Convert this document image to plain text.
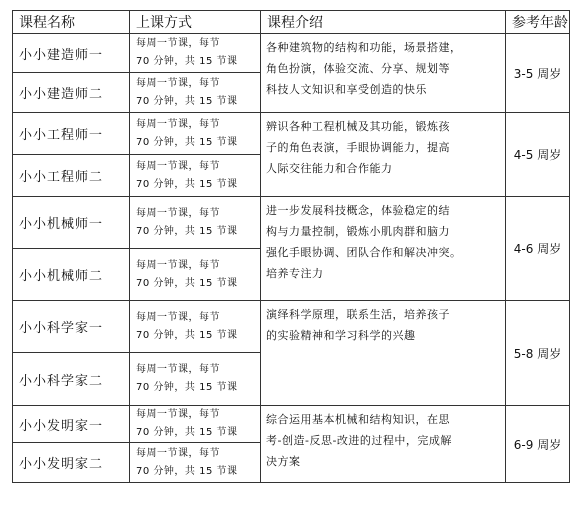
课程名称	上课方式	课程介绍	参考年龄
小小建造师一	每周一节课，每节
70 分钟，共 15 节课	各种建筑物的结构和功能，场景搭建，
角色扮演，体验交流、分享、规划等
科技人文知识和享受创造的快乐	3-5 周岁
小小建造师二	每周一节课，每节
70 分钟，共 15 节课		

小小工程师一	每周一节课，每节
70 分钟，共 15 节课	辨识各种工程机械及其功能，锻炼孩
子的角色表演，手眼协调能力，提高
人际交往能力和合作能力	4-5 周岁
小小工程师二	每周一节课，每节
70 分钟，共 15 节课		

小小机械师一	每周一节课，每节
70 分钟，共 15 节课	进一步发展科技概念，体验稳定的结
构与力量控制，锻炼小肌肉群和脑力
强化手眼协调、团队合作和解决冲突。
培养专注力	4-6 周岁
小小机械师二	每周一节课，每节
70 分钟，共 15 节课		

小小科学家一	每周一节课，每节
70 分钟，共 15 节课	演绎科学原理，联系生活，培养孩子
的实验精神和学习科学的兴趣	5-8 周岁
小小科学家二	每周一节课，每节
70 分钟，共 15 节课		

小小发明家一	每周一节课，每节
70 分钟，共 15 节课	综合运用基本机械和结构知识，在思
考-创造-反思-改进的过程中，完成解
决方案	6-9 周岁
小小发明家二	每周一节课，每节
70 分钟，共 15 节课		
